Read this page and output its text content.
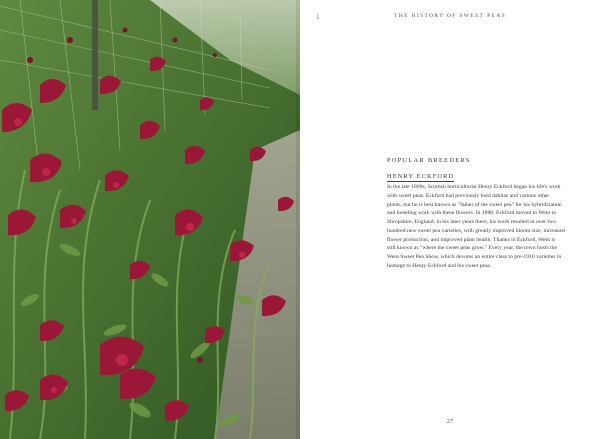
1	THE HISTORY OF SWEET PEAS
POPULAR BREEDERS
HENRY ECKFORD

In the late 1800s, Scottish horticulturist Henry Eckford began his life's work with sweet peas. Eckford had previously bred dahlias and various other plants, but he is best known as "father of the sweet pea" for his hybridization and breeding work with these flowers. In 1888, Eckford moved to Wem in Shropshire, England; in his later years there, his work resulted in over two hundred new sweet pea varieties, with greatly improved bloom size, increased flower production, and improved plant health. Thanks to Eckford, Wem is still known as "where the sweet peas grow." Every year, the town hosts the Wem Sweet Pea Show, which devotes an entire class to pre-1910 varieties in homage to Henry Eckford and his sweet peas.

27
